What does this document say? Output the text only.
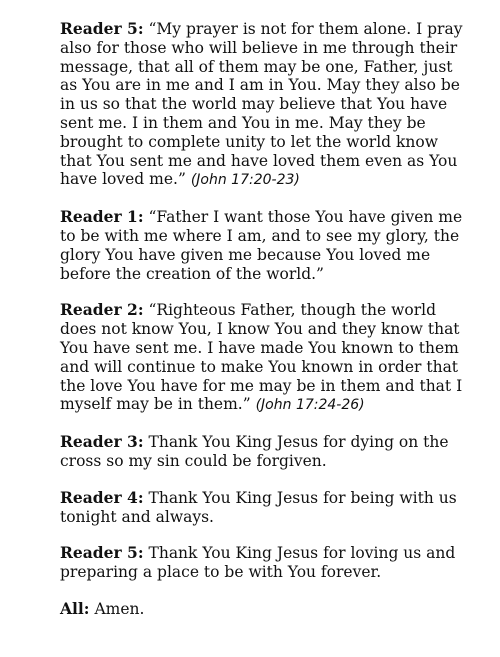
Reader 5: “My prayer is not for them alone. I pray also for those who will believe in me through their message, that all of them may be one, Father, just as You are in me and I am in You. May they also be in us so that the world may believe that You have sent me. I in them and You in me. May they be brought to complete unity to let the world know that You sent me and have loved them even as You have loved me.” (John 17:20-23)

Reader 1: “Father I want those You have given me to be with me where I am, and to see my glory, the glory You have given me because You loved me before the creation of the world.”

Reader 2: “Righteous Father, though the world does not know You, I know You and they know that You have sent me. I have made You known to them and will continue to make You known in order that the love You have for me may be in them and that I myself may be in them.” (John 17:24-26)

Reader 3: Thank You King Jesus for dying on the cross so my sin could be forgiven.

Reader 4: Thank You King Jesus for being with us tonight and always.

Reader 5: Thank You King Jesus for loving us and preparing a place to be with You forever.

All: Amen.
